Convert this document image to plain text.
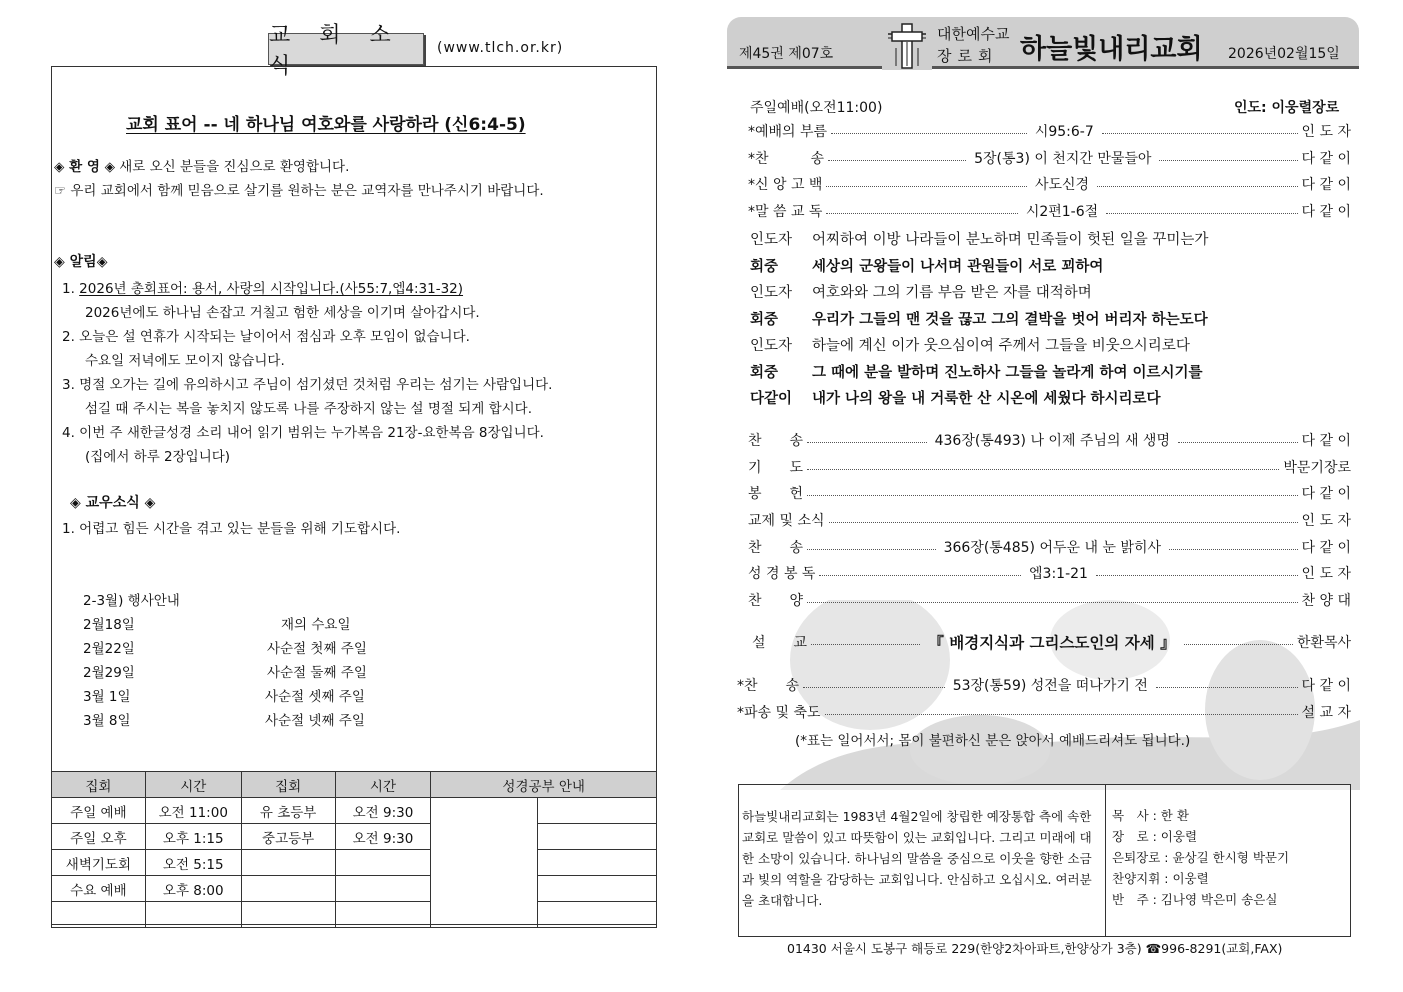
교 회 소 식
(www.tlch.or.kr)
교회 표어 -- 네 하나님 여호와를 사랑하라 (신6:4-5)
◈ 환 영 ◈ 새로 오신 분들을 진심으로 환영합니다.
☞ 우리 교회에서 함께 믿음으로 살기를 원하는 분은 교역자를 만나주시기 바랍니다.
◈ 알림◈
1. 2026년 총회표어: 용서, 사랑의 시작입니다.(사55:7,엡4:31-32)
2026년에도 하나님 손잡고 거칠고 험한 세상을 이기며 살아갑시다.
2. 오늘은 설 연휴가 시작되는 날이어서 점심과 오후 모임이 없습니다.
수요일 저녁에도 모이지 않습니다.
3. 명절 오가는 길에 유의하시고 주님이 섬기셨던 것처럼 우리는 섬기는 사람입니다.
섬길 때 주시는 복을 놓치지 않도록 나를 주장하지 않는 설 명절 되게 합시다.
4. 이번 주 새한글성경 소리 내어 읽기 범위는 누가복음 21장-요한복음 8장입니다.
(집에서 하루 2장입니다)
◈ 교우소식 ◈
1. 어렵고 힘든 시간을 겪고 있는 분들을 위해 기도합시다.
2-3월) 행사안내
2월18일	재의 수요일
2월22일	사순절 첫째 주일
2월29일	사순절 둘째 주일
3월 1일	사순절 셋째 주일
3월 8일	사순절 넷째 주일
집회	시간	집회	시간	성경공부 안내	
주일 예배	오전 11:00	유 초등부	오전 9:30		
주일 오후	오후 1:15	중고등부	오전 9:30		
새벽기도회	오전 5:15				
수요 예배	오후 8:00				

제45권 제07호
대한예수교
장로회 하늘빛내리교회 2026년02월15일
주일예배(오전11:00)	인도: 이웅렬장로
*예배의 부름	시95:6-7	인 도 자
*찬　　　송	5장(통3) 이 천지간 만물들아	다 같 이
*신 앙 고 백	사도신경	다 같 이
*말 씀 교 독	시2편1-6절	다 같 이
인도자 어찌하여 이방 나라들이 분노하며 민족들이 헛된 일을 꾸미는가
회중 세상의 군왕들이 나서며 관원들이 서로 꾀하여
인도자 여호와와 그의 기름 부음 받은 자를 대적하며
회중 우리가 그들의 맨 것을 끊고 그의 결박을 벗어 버리자 하는도다
인도자 하늘에 계신 이가 웃으심이여 주께서 그들을 비웃으시리로다
회중 그 때에 분을 발하며 진노하사 그들을 놀라게 하여 이르시기를
다같이 내가 나의 왕을 내 거룩한 산 시온에 세웠다 하시리로다
찬　　송	436장(통493) 나 이제 주님의 새 생명	다 같 이
기　　도	박문기장로
봉　　헌	다 같 이
교제 및 소식	인 도 자
찬　　송	366장(통485) 어두운 내 눈 밝히사	다 같 이
성 경 봉 독	엡3:1-21	인 도 자
찬　　양	찬 양 대
설　　교	『 배경지식과 그리스도인의 자세 』	한환목사
*찬　　송	53장(통59) 성전을 떠나가기 전	다 같 이
*파송 및 축도	설 교 자
(*표는 일어서서; 몸이 불편하신 분은 앉아서 예배드리셔도 됩니다.)
하늘빛내리교회는 1983년 4월2일에 창립한 예장통합 측에 속한 교회로 말씀이 있고 따뜻함이 있는 교회입니다. 그리고 미래에 대한 소망이 있습니다. 하나님의 말씀을 중심으로 이웃을 향한 소금과 빛의 역할을 감당하는 교회입니다. 안심하고 오십시오. 여러분을 초대합니다.
목　사 : 한 환
장　로 : 이웅렬
은퇴장로 : 윤상길 한시형 박문기
찬양지휘 : 이웅렬
반　주 : 김나영 박은미 송은실
01430 서울시 도봉구 해등로 229(한양2차아파트,한양상가 3층) ☎996-8291(교회,FAX)
